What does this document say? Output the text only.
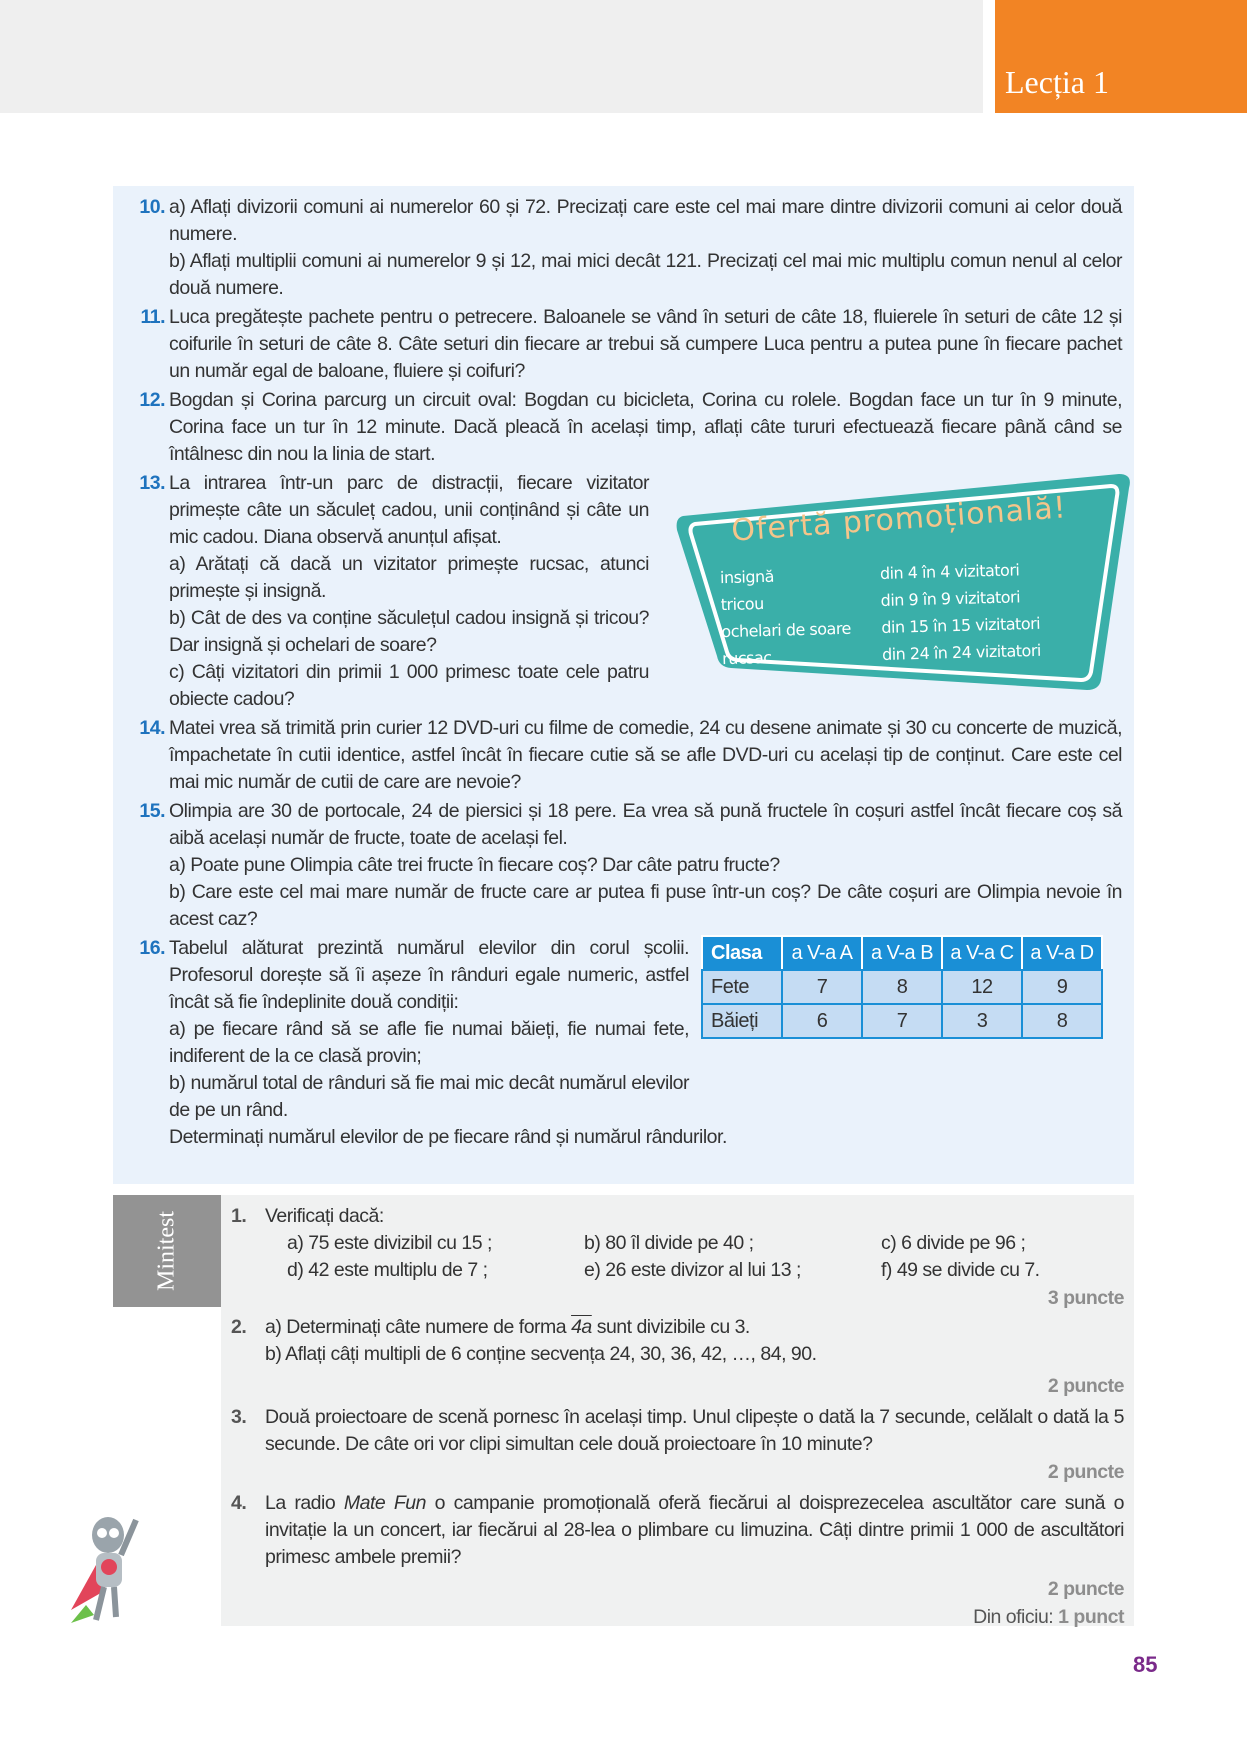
Lecția 1
10. a) Aflați divizorii comuni ai numerelor 60 și 72. Precizați care este cel mai mare dintre divizorii comuni ai celor două numere.

b) Aflați multiplii comuni ai numerelor 9 și 12, mai mici decât 121. Precizați cel mai mic multiplu comun nenul al celor două numere.

11. Luca pregătește pachete pentru o petrecere. Baloanele se vând în seturi de câte 18, fluierele în seturi de câte 12 și coifurile în seturi de câte 8. Câte seturi din fiecare ar trebui să cumpere Luca pentru a putea pune în fiecare pachet un număr egal de baloane, fluiere și coifuri?

12. Bogdan și Corina parcurg un circuit oval: Bogdan cu bicicleta, Corina cu rolele. Bogdan face un tur în 9 minute, Corina face un tur în 12 minute. Dacă pleacă în același timp, aflați câte tururi efectuează fiecare până când se întâlnesc din nou la linia de start.

13. La intrarea într-un parc de distracții, fiecare vizitator primește câte un săculeț cadou, unii conținând și câte un mic cadou. Diana observă anunțul afișat.

a) Arătați că dacă un vizitator primește rucsac, atunci primește și insignă.

b) Cât de des va conține săculețul cadou insignă și tricou? Dar insignă și ochelari de soare?

c) Câți vizitatori din primii 1 000 primesc toate cele patru obiecte cadou?

Ofertă promoțională!
insignă	din 4 în 4 vizitatori
tricou	din 9 în 9 vizitatori
ochelari de soare	din 15 în 15 vizitatori
rucsac	din 24 în 24 vizitatori
14. Matei vrea să trimită prin curier 12 DVD-uri cu filme de comedie, 24 cu desene animate și 30 cu concerte de muzică, împachetate în cutii identice, astfel încât în fiecare cutie să se afle DVD-uri cu același tip de conținut. Care este cel mai mic număr de cutii de care are nevoie?

15. Olimpia are 30 de portocale, 24 de piersici și 18 pere. Ea vrea să pună fructele în coșuri astfel încât fiecare coș să aibă același număr de fructe, toate de același fel.

a) Poate pune Olimpia câte trei fructe în fiecare coș? Dar câte patru fructe?

b) Care este cel mai mare număr de fructe care ar putea fi puse într-un coș? De câte coșuri are Olimpia nevoie în acest caz?

16. Tabelul alăturat prezintă numărul elevilor din corul școlii. Profesorul dorește să îi așeze în rânduri egale numeric, astfel încât să fie îndeplinite două condiții:

a) pe fiecare rând să se afle fie numai băieți, fie numai fete, indiferent de la ce clasă provin;

b) numărul total de rânduri să fie mai mic decât numărul elevilor de pe un rând.

Determinați numărul elevilor de pe fiecare rând și numărul rândurilor.

Clasa	a V-a A	a V-a B	a V-a C	a V-a D
Fete	7	8	12	9
Băieți	6	7	3	8
Minitest	1. Verificați dacă:
a) 75 este divizibil cu 15 ;	b) 80 îl divide pe 40 ;	c) 6 divide pe 96 ;
d) 42 este multiplu de 7 ;	e) 26 este divizor al lui 13 ;	f) 49 se divide cu 7.
3 puncte
2. a) Determinați câte numere de forma 4a sunt divizibile cu 3.
b) Aflați câți multipli de 6 conține secvența 24, 30, 36, 42, …, 84, 90.
2 puncte
3. Două proiectoare de scenă pornesc în același timp. Unul clipește o dată la 7 secunde, celălalt o dată la 5 secunde. De câte ori vor clipi simultan cele două proiectoare în 10 minute?
2 puncte
4. La radio Mate Fun o campanie promoțională oferă fiecărui al doisprezecelea ascultător care sună o invitație la un concert, iar fiecărui al 28-lea o plimbare cu limuzina. Câți dintre primii 1 000 de ascultători primesc ambele premii?
2 puncte
Din oficiu: 1 punct
85
